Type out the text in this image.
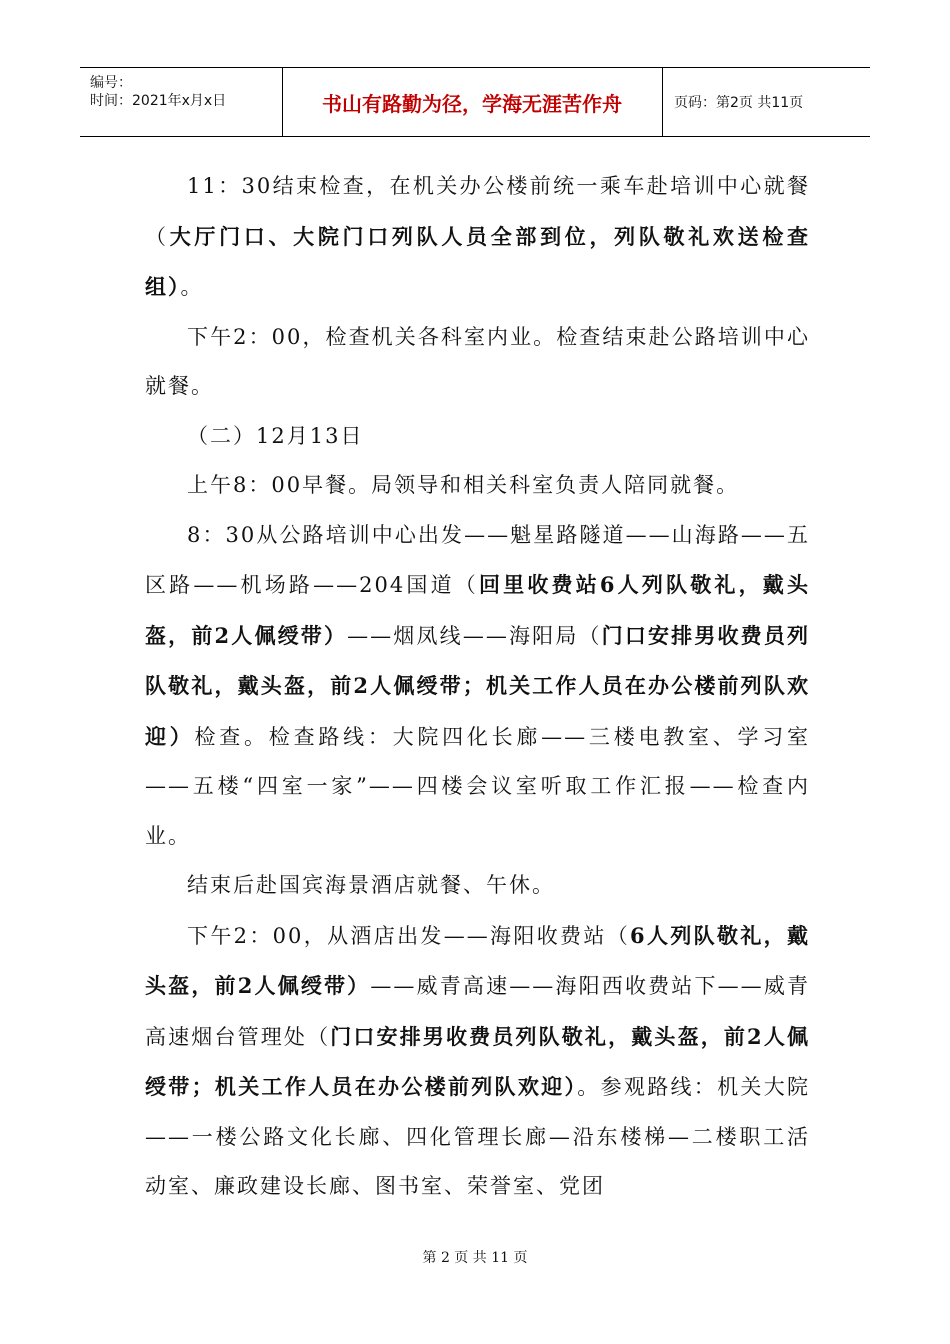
编号：
时间：2021年x月x日	书山有路勤为径，学海无涯苦作舟	页码：第2页 共11页

11：30结束检查，在机关办公楼前统一乘车赴培训中心就餐（大厅门口、大院门口列队人员全部到位，列队敬礼欢送检查组）。

下午2：00，检查机关各科室内业。检查结束赴公路培训中心就餐。

（二）12月13日

上午8：00早餐。局领导和相关科室负责人陪同就餐。

8：30从公路培训中心出发——魁星路隧道——山海路——五区路——机场路——204国道（回里收费站6人列队敬礼，戴头盔，前2人佩绶带）——烟凤线——海阳局（门口安排男收费员列队敬礼，戴头盔，前2人佩绶带；机关工作人员在办公楼前列队欢迎）检查。检查路线：大院四化长廊——三楼电教室、学习室——五楼“四室一家”——四楼会议室听取工作汇报——检查内业。

结束后赴国宾海景酒店就餐、午休。

下午2：00，从酒店出发——海阳收费站（6人列队敬礼，戴头盔，前2人佩绶带）——威青高速——海阳西收费站下——威青高速烟台管理处（门口安排男收费员列队敬礼，戴头盔，前2人佩绶带；机关工作人员在办公楼前列队欢迎）。参观路线：机关大院——一楼公路文化长廊、四化管理长廊—沿东楼梯—二楼职工活动室、廉政建设长廊、图书室、荣誉室、党团

第 2 页 共 11 页
